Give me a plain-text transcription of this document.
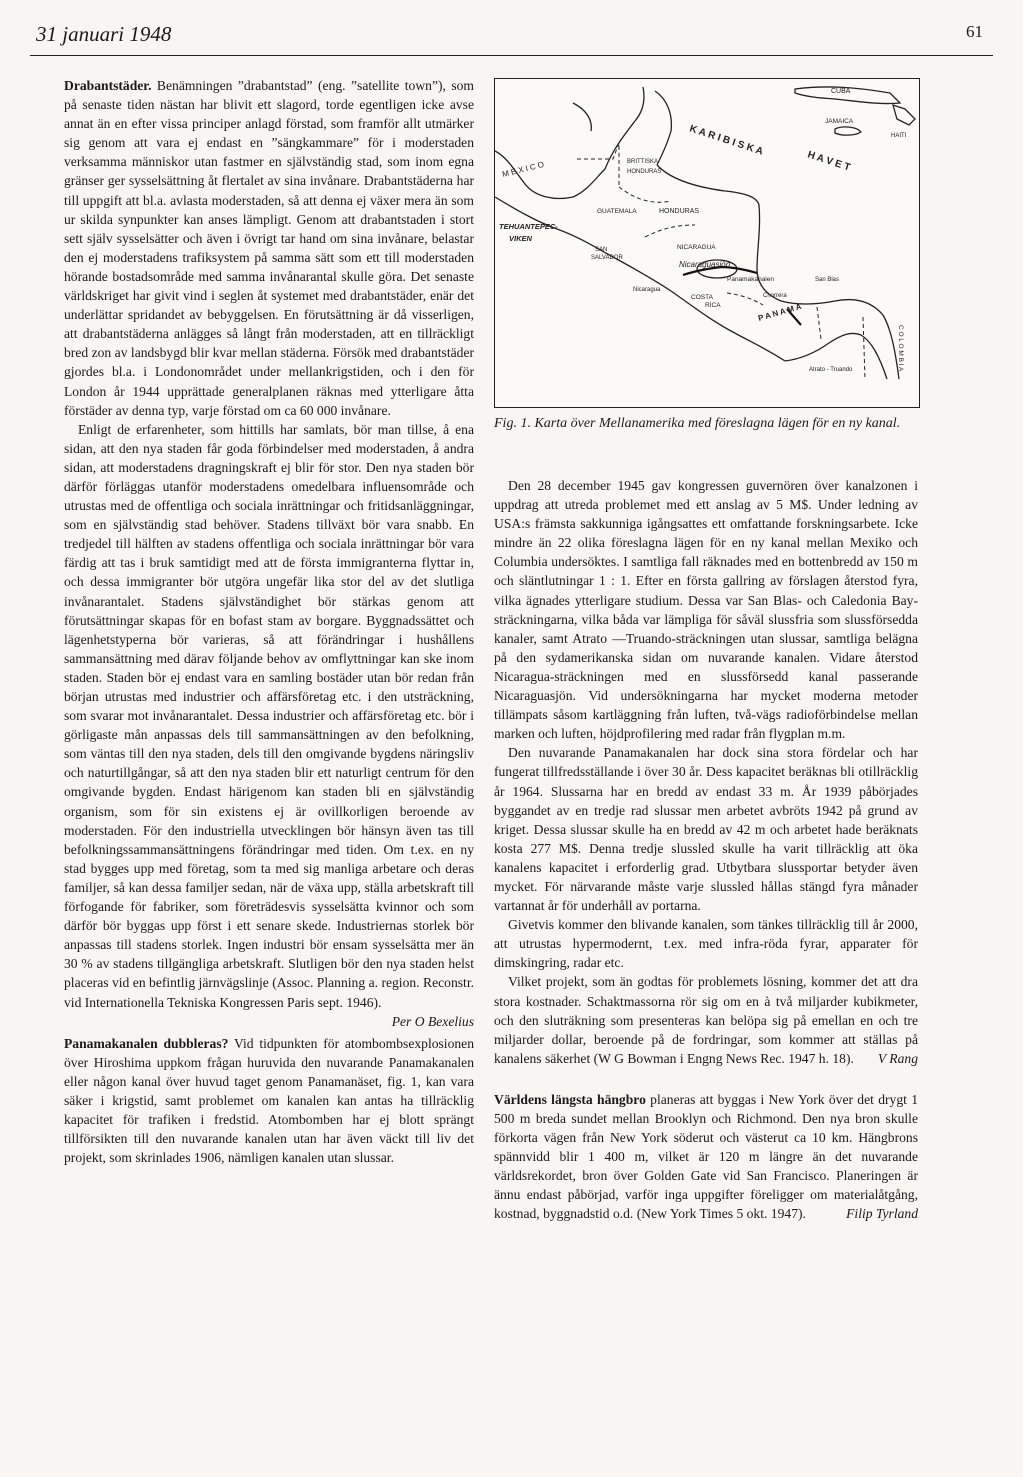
31 januari 1948	61

Drabantstäder. Benämningen ”drabantstad” (eng. ”satellite town”), som på senaste tiden nästan har blivit ett slagord, torde egentligen icke avse annat än en efter vissa principer anlagd förstad, som framför allt utmärker sig genom att vara ej endast en ”sängkammare” för i moderstaden verksamma människor utan fastmer en självständig stad, som inom egna gränser ger sysselsättning åt flertalet av sina invånare. Drabantstäderna har till uppgift att bl.a. avlasta moderstaden, så att denna ej växer mera än som ur skilda synpunkter kan anses lämpligt. Genom att drabantstaden i stort sett själv sysselsätter och även i övrigt tar hand om sina invånare, belastar den ej moderstadens trafiksystem på samma sätt som ett till moderstaden hörande bostadsområde med samma invånarantal skulle göra. Det senaste världskriget har givit vind i seglen åt systemet med drabantstäder, enär det underlättar spridandet av bebyggelsen. En förutsättning är då visserligen, att drabantstäderna anlägges så långt från moderstaden, att en tillräckligt bred zon av landsbygd blir kvar mellan städerna. Försök med drabantstäder gjordes bl.a. i Londonområdet under mellankrigstiden, och i den för London år 1944 upprättade generalplanen räknas med ytterligare åtta förstäder av denna typ, varje förstad om ca 60 000 invånare.

Enligt de erfarenheter, som hittills har samlats, bör man tillse, å ena sidan, att den nya staden får goda förbindelser med moderstaden, å andra sidan, att moderstadens dragningskraft ej blir för stor. Den nya staden bör därför förläggas utanför moderstadens omedelbara influensområde och utrustas med de offentliga och sociala inrättningar och fritidsanläggningar, som en självständig stad behöver. Stadens tillväxt bör vara snabb. En tredjedel till hälften av stadens offentliga och sociala inrättningar bör vara färdig att tas i bruk samtidigt med att de första immigranterna flyttar in, och dessa immigranter bör utgöra ungefär lika stor del av det slutliga invånarantalet. Stadens självständighet bör stärkas genom att förutsättningar skapas för en bofast stam av borgare. Byggnadssättet och lägenhetstyperna bör varieras, så att förändringar i hushållens sammansättning med därav följande behov av omflyttningar kan ske inom staden. Staden bör ej endast vara en samling bostäder utan bör redan från början utrustas med industrier och affärsföretag etc. i den utsträckning, som svarar mot invånarantalet. Dessa industrier och affärsföretag etc. bör i görligaste mån anpassas dels till sammansättningen av den befolkning, som väntas till den nya staden, dels till den omgivande bygdens näringsliv och naturtillgångar, så att den nya staden blir ett naturligt centrum för den omgivande bygden. Endast härigenom kan staden bli en självständig organism, som för sin existens ej är ovillkorligen beroende av moderstaden. För den industriella utvecklingen bör hänsyn även tas till befolkningssammansättningens förändringar med tiden. Om t.ex. en ny stad bygges upp med företag, som ta med sig manliga arbetare och deras familjer, så kan dessa familjer sedan, när de växa upp, ställa arbetskraft till förfogande för fabriker, som företrädesvis sysselsätta kvinnor och som därför bör byggas upp först i ett senare skede. Industriernas storlek bör anpassas till stadens storlek. Ingen industri bör ensam sysselsätta mer än 30 % av stadens tillgängliga arbetskraft. Slutligen bör den nya staden helst placeras vid en befintlig järnvägslinje (Assoc. Planning a. region. Reconstr. vid Internationella Tekniska Kongressen Paris sept. 1946).
Per O Bexelius

Panamakanalen dubbleras? Vid tidpunkten för atombombsexplosionen över Hiroshima uppkom frågan huruvida den nuvarande Panamakanalen eller någon kanal över huvud taget genom Panamanäset, fig. 1, kan vara säker i krigstid, samt problemet om kanalen kan antas ha tillräcklig kapacitet för trafiken i fredstid. Atombomben har ej blott sprängt tillförsikten till den nuvarande kanalen utan har även väckt till liv det projekt, som skrinlades 1906, nämligen kanalen utan slussar.

CUBA
JAMAICA
HAITI
K A R I B I S K A
H A V E T
M E X I C O	BRITTISKA
HONDURAS
GUATEMALA	HONDURAS
TEHUANTEPEC-
VIKEN
SAN
SALVADOR
NICARAGUA
Nicaraguasjön
Panamakanalen	San Blas
Nicaragua
COSTA
RICA
Chorrera
P A N A M A
Atrato - Truando	C O L O M B I A
Fig. 1. Karta över Mellanamerika med föreslagna lägen för en ny kanal.

Den 28 december 1945 gav kongressen guvernören över kanalzonen i uppdrag att utreda problemet med ett anslag av 5 M$. Under ledning av USA:s främsta sakkunniga igångsattes ett omfattande forskningsarbete. Icke mindre än 22 olika föreslagna lägen för en ny kanal mellan Mexiko och Columbia undersöktes. I samtliga fall räknades med en bottenbredd av 150 m och släntlutningar 1 : 1. Efter en första gallring av förslagen återstod fyra, vilka ägnades ytterligare studium. Dessa var San Blas- och Caledonia Bay-sträckningarna, vilka båda var lämpliga för såväl slussfria som slussförsedda kanaler, samt Atrato —Truando-sträckningen utan slussar, samtliga belägna på den sydamerikanska sidan om nuvarande kanalen. Vidare återstod Nicaragua-sträckningen med en slussförsedd kanal passerande Nicaraguasjön. Vid undersökningarna har mycket moderna metoder tillämpats såsom kartläggning från luften, två-vägs radioförbindelse mellan marken och luften, höjdprofilering med radar från flygplan m.m.

Den nuvarande Panamakanalen har dock sina stora fördelar och har fungerat tillfredsställande i över 30 år. Dess kapacitet beräknas bli otillräcklig år 1964. Slussarna har en bredd av endast 33 m. År 1939 påbörjades byggandet av en tredje rad slussar men arbetet avbröts 1942 på grund av kriget. Dessa slussar skulle ha en bredd av 42 m och arbetet hade beräknats kosta 277 M$. Denna tredje slussled skulle ha varit tillräcklig att öka kanalens kapacitet i erforderlig grad. Utbytbara slussportar betyder även mycket. För närvarande måste varje slussled hållas stängd fyra månader vartannat år för underhåll av portarna.

Givetvis kommer den blivande kanalen, som tänkes tillräcklig till år 2000, att utrustas hypermodernt, t.ex. med infra-röda fyrar, apparater för dimskingring, radar etc.

Vilket projekt, som än godtas för problemets lösning, kommer det att dra stora kostnader. Schaktmassorna rör sig om en à två miljarder kubikmeter, och den sluträkning som presenteras kan belöpa sig på emellan en och tre miljarder dollar, beroende på de fordringar, som kommer att ställas på kanalens säkerhet (W G Bowman i Engng News Rec. 1947 h. 18).	V Rang

Världens längsta hängbro planeras att byggas i New York över det drygt 1 500 m breda sundet mellan Brooklyn och Richmond. Den nya bron skulle förkorta vägen från New York söderut och västerut ca 10 km. Hängbrons spännvidd blir 1 400 m, vilket är 120 m längre än det nuvarande världsrekordet, bron över Golden Gate vid San Francisco. Planeringen är ännu endast påbörjad, varför inga uppgifter föreligger om materialåtgång, kostnad, byggnadstid o.d. (New York Times 5 okt. 1947).	Filip Tyrland
